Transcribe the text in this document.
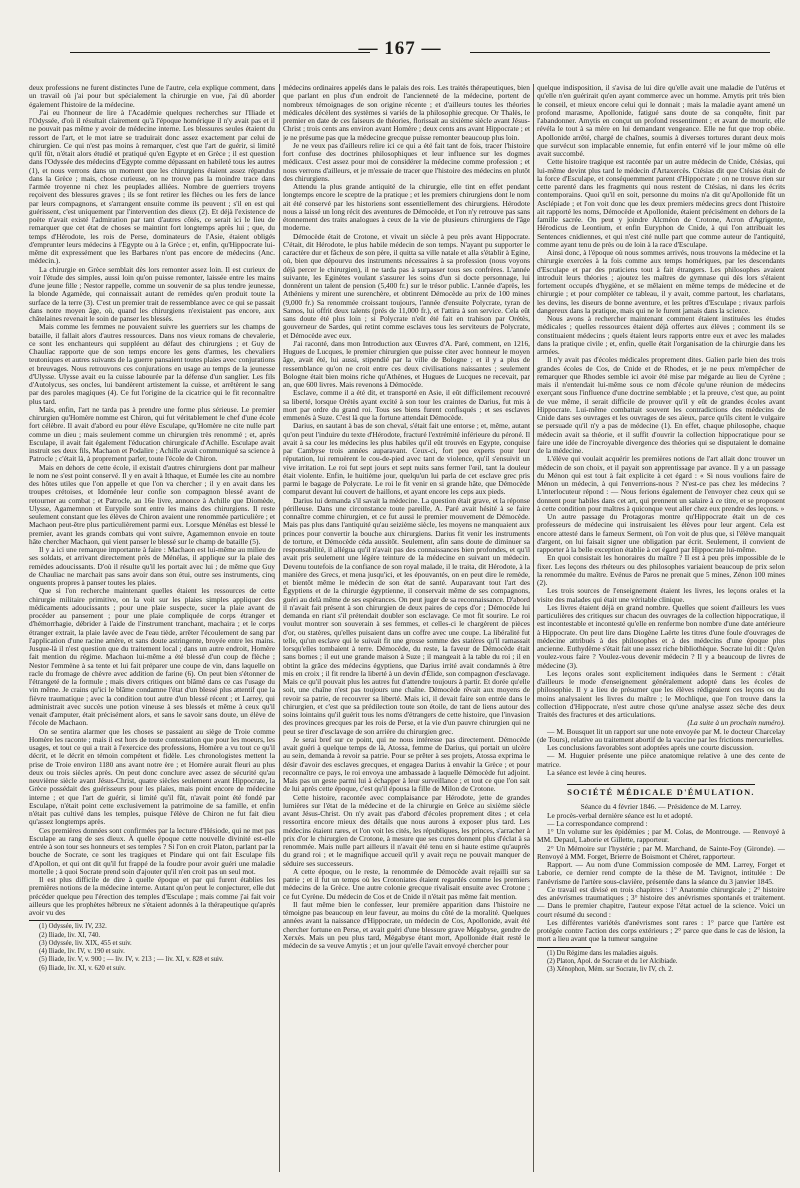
— 167 —

deux professions ne furent distinctes l'une de l'autre, cela explique comment, dans un travail où j'ai pour but spécialement la chirurgie en vue, j'ai dû aborder également l'histoire de la médecine.

J'ai eu l'honneur de lire à l'Académie quelques recherches sur l'Iliade et l'Odyssée, d'où il résultait clairement qu'à l'époque homérique il n'y avait pas et il ne pouvait pas même y avoir de médecine interne. Les blessures seules étaient du ressort de l'art, et le mot iatre se traduirait donc assez exactement par celui de chirurgien. Ce qui n'est pas moins à remarquer, c'est que l'art de guérir, si limité qu'il fût, n'était alors étudié et pratiqué qu'en Egypte et en Grèce ; il est question dans l'Odyssée des médecins d'Egypte comme dépassant en habileté tous les autres (1), et nous verrons dans un moment que les chirurgiens étaient assez répandus dans la Grèce ; mais, chose curieuse, on ne trouve pas la moindre trace dans l'armée troyenne ni chez les peuplades alliées. Nombre de guerriers troyens reçoivent des blessures graves ; ils se font retirer les flèches ou les fers de lance par leurs compagnons, et s'arrangent ensuite comme ils peuvent ; s'il en est qui guérissent, c'est uniquement par l'intervention des dieux (2). Et déjà l'existence de poète n'avait existé l'admiration par tant d'autres côtés, ce serait ici le lieu de remarquer que cet état de choses se maintint fort longtemps après lui ; que, du temps d'Hérodote, les rois de Perse, dominateurs de l'Asie, étaient obligés d'emprunter leurs médecins à l'Egypte ou à la Grèce ; et, enfin, qu'Hippocrate lui-même dit expressément que les Barbares n'ont pas encore de médecins (Anc. médecin.).

La chirurgie en Grèce semblait dès lors remonter assez loin. Il est curieux de voir l'étude des simples, aussi loin qu'on puisse remonter, laissée entre les mains d'une jeune fille ; Nestor rappelle, comme un souvenir de sa plus tendre jeunesse, la blonde Agamède, qui connaissait autant de remèdes qu'en produit toute la surface de la terre (3). C'est un premier trait de ressemblance avec ce qui se passait dans notre moyen âge, où, quand les chirurgiens n'existaient pas encore, aux châtelaines revenait le soin de panser les blessés.

Mais comme les femmes ne pouvaient suivre les guerriers sur les champs de bataille, il fallait alors d'autres ressources. Dans nos vieux romans de chevalerie, ce sont les enchanteurs qui suppléent au défaut des chirurgiens ; et Guy de Chauliac rapporte que de son temps encore les gens d'armes, les chevaliers teutoniques et autres suivants de la guerre pansaient toutes plaies avec conjurations et breuvages. Nous retrouvons ces conjurations en usage au temps de la jeunesse d'Ulysse. Ulysse avait eu la cuisse labourée par la défense d'un sanglier. Les fils d'Autolycus, ses oncles, lui bandèrent artistement la cuisse, et arrêtèrent le sang par des paroles magiques (4). Ce fut l'origine de la cicatrice qui le fit reconnaître plus tard.

Mais, enfin, l'art ne tarda pas à prendre une forme plus sérieuse. Le premier chirurgien qu'Homère nomme est Chiron, qui fut véritablement le chef d'une école fort célèbre. Il avait d'abord eu pour élève Esculape, qu'Homère ne cite nulle part comme un dieu ; mais seulement comme un chirurgien très renommé ; et, après Esculape, il avait fait également l'éducation chirurgicale d'Achille. Esculape avait instruit ses deux fils, Machaon et Podalire ; Achille avait communiqué sa science à Patrocle ; c'était là, à proprement parler, toute l'école de Chiron.

Mais en dehors de cette école, il existait d'autres chirurgiens dont par malheur le nom ne s'est point conservé. Il y en avait à Ithaque, et Eumée les cite au nombre des hôtes utiles que l'on appelle et que l'on va chercher ; il y en avait dans les troupes crétoises, et Idoménée leur confie son compagnon blessé avant de retourner au combat ; et Patrocle, au 16e livre, annonce à Achille que Diomède, Ulysse, Agamemnon et Eurypile sont entre les mains des chirurgiens. Il reste seulement constant que les élèves de Chiron avaient une renommée particulière ; et Machaon peut-être plus particulièrement parmi eux. Lorsque Ménélas est blessé le premier, avant les grands combats qui vont suivre, Agamemnon envoie en toute hâte chercher Machaon, qui vient panser le blessé sur le champ de bataille (5).

Il y a ici une remarque importante à faire : Machaon est lui-même au milieu de ses soldats, et arrivant directement près de Ménélas, il applique sur la plaie des remèdes adoucissants. D'où il résulte qu'il les portait avec lui ; de même que Guy de Chauliac ne marchait pas sans avoir dans son étui, outre ses instruments, cinq onguents propres à panser toutes les plaies.

Que si l'on recherche maintenant quelles étaient les ressources de cette chirurgie militaire primitive, on la voit sur les plaies simples appliquer des médicaments adoucissants ; pour une plaie suspecte, sucer la plaie avant de procéder au pansement ; pour une plaie compliquée de corps étranger et d'hémorrhagie, débrider à l'aide de l'instrument tranchant, machaira ; et le corps étranger extrait, la plaie lavée avec de l'eau tiède, arrêter l'écoulement de sang par l'application d'une racine amère, et sans doute astringente, broyée entre les mains. Jusque-là il n'est question que du traitement local ; dans un autre endroit, Homère fait mention du régime. Machaon lui-même a été blessé d'un coup de flèche ; Nestor l'emmène à sa tente et lui fait préparer une coupe de vin, dans laquelle on racle du fromage de chèvre avec addition de farine (6). On peut bien s'étonner de l'étrangeté de la formule ; mais divers critiques ont blâmé dans ce cas l'usage du vin même. Je crains qu'ici le blâme condamne l'état d'un blessé plus attentif que la fièvre traumatique ; avec la condition tout autre d'un blessé récent ; et Larrey, qui administrait avec succès une potion vineuse à ses blessés et même à ceux qu'il venait d'amputer, était précisément alors, et sans le savoir sans doute, un élève de l'école de Machaon.

On se sentira alarmer que les choses se passaient au siège de Troie comme Homère les raconte ; mais il est hors de toute contestation que pour les moeurs, les usages, et tout ce qui a trait à l'exercice des professions, Homère a vu tout ce qu'il décrit, et le décrit en témoin compétent et fidèle. Les chronologistes mettent la prise de Troie environ 1180 ans avant notre ère ; et Homère aurait fleuri au plus deux ou trois siècles après. On peut donc conclure avec assez de sécurité qu'au neuvième siècle avant Jésus-Christ, quatre siècles seulement avant Hippocrate, la Grèce possédait des guérisseurs pour les plaies, mais point encore de médecine interne ; et que l'art de guérir, si limité qu'il fût, n'avait point été fondé par Esculape, n'était point cette exclusivement la patrimoine de sa famille, et enfin n'était pas cultivé dans les temples, puisque l'élève de Chiron ne fut fait dieu qu'assez longtemps après.

Ces premières données sont confirmées par la lecture d'Hésiode, qui ne met pas Esculape au rang de ses dieux. À quelle époque cette nouvelle divinité est-elle entrée à son tour ses honneurs et ses temples ? Si l'on en croit Platon, parlant par la bouche de Socrate, ce sont les tragiques et Pindare qui ont fait Esculape fils d'Apollon, et qui ont dit qu'il fut frappé de la foudre pour avoir guéri une maladie mortelle ; à quoi Socrate prend soin d'ajouter qu'il n'en croit pas un seul mot.

Il est plus difficile de dire à quelle époque et par qui furent établies les premières notions de la médecine interne. Autant qu'on peut le conjecturer, elle dut précéder quelque peu l'érection des temples d'Esculape ; mais comme j'ai fait voir ailleurs que les prophètes hébreux ne s'étaient adonnés à la thérapeutique qu'après avoir vu des

(1) Odyssée, liv. IV, 232.

(2) Iliade, liv. XI, 740.

(3) Odyssée, liv. XIX, 455 et suiv.

(4) Iliade, liv. IV, v. 190 et suiv.

(5) Iliade, liv. V, v. 900 ; — liv. IV, v. 213 ; — liv. XI, v. 828 et suiv.

(6) Iliade, liv. XI, v. 620 et suiv.

médecins ordinaires appelés dans le palais des rois. Les traités thérapeutiques, bien que parlant en plus d'un endroit de l'ancienneté de la médecine, portent de nombreux témoignages de son origine récente ; et d'ailleurs toutes les théories médicales décèlent des systèmes si variés de la philosophie grecque. Or Thalès, le premier en date de ces faiseurs de théories, florissait au sixième siècle avant Jésus-Christ ; trois cents ans environ avant Homère ; deux cents ans avant Hippocrate ; et je ne présume pas que la médecine grecque puisse remonter beaucoup plus loin.

Je ne veux pas d'ailleurs relire ici ce qui a été fait tant de fois, tracer l'histoire fort confuse des doctrines philosophiques et leur influence sur les dogmes médicaux. C'est assez pour moi de considérer la médecine comme profession ; et nous verrons d'ailleurs, et je m'essaie de tracer que l'histoire des médecins en plutôt des chirurgiens.

Attendu la plus grande antiquité de la chirurgie, elle tint en effet pendant longtemps encore le sceptre de la pratique ; et les premiers chirurgiens dont le nom ait été conservé par les historiens sont essentiellement des chirurgiens. Hérodote nous a laissé un long récit des aventures de Démocède, et l'on n'y retrouve pas sans étonnement des traits analogues à ceux de la vie de plusieurs chirurgiens de l'âge moderne.

Démocède était de Crotone, et vivait un siècle à peu près avant Hippocrate. C'était, dit Hérodote, le plus habile médecin de son temps. N'ayant pu supporter le caractère dur et fâcheux de son père, il quitta sa ville natale et alla s'établir à Egine, où, bien que dépourvu des instruments nécessaires à sa profession (nous voyons déjà percer le chirurgien), il ne tarda pas à surpasser tous ses confrères. L'année suivante, les Eginètes voulant s'assurer les soins d'un si docte personnage, lui donnèrent un talent de pension (5,400 fr.) sur le trésor public. L'année d'après, les Athéniens y mirent une surenchère, et obtinrent Démocède au prix de 100 mines (9,000 fr.) Sa renommée croissant toujours, l'année d'ensuite Polycrate, tyran de Samos, lui offrit deux talents (prés de 11,000 fr.), et l'attira à son service. Cela eût sans doute été plus loin ; si Polycrate n'eût été fait en trahison par Orétès, gouverneur de Sardes, qui retint comme esclaves tous les serviteurs de Polycrate, et Démocède avec eux.

J'ai raconté, dans mon Introduction aux Œuvres d'A. Paré, comment, en 1216, Hugues de Lucques, le premier chirurgien que puisse citer avec honneur le moyen âge, avait été, lui aussi, stipendié par la ville de Bologne ; et il y a plus de ressemblance qu'on ne croit entre ces deux civilisations naissantes ; seulement Bologne était bien moins riche qu'Athènes, et Hugues de Lucques ne recevait, par an, que 600 livres. Mais revenons à Démocède.

Esclave, comme il a été dit, et transporté en Asie, il eût difficilement recouvré sa liberté, lorsque Orétès ayant excité à son tour les craintes de Darius, fut mis à mort par ordre du grand roi. Tous ses biens furent confisqués ; et ses esclaves emmenés à Suze. C'est là que la fortune attendait Démocède.

Darius, en sautant à bas de son cheval, s'était fait une entorse ; et, même, autant qu'on peut l'induire du texte d'Hérodote, fracturé l'extrémité inférieure du péroné. Il avait à sa cour les médecins les plus habiles qu'il eût trouvés en Egypte, conquise par Cambyse trois années auparavant. Ceux-ci, fort peu experts pour leur réputation, lui remuèrent le cou-de-pied avec tant de violence, qu'il s'ensuivit un vive irritation. Le roi fut sept jours et sept nuits sans fermer l'œil, tant la douleur était violente. Enfin, le huitième jour, quelqu'un lui parla de cet esclave grec pris parmi le bagage de Polycrate. Le roi le fit venir en si grande hâte, que Démocède comparut devant lui couvert de haillons, et ayant encore les ceps aux pieds.

Darius lui demanda s'il savait la médecine. La question était grave, et la réponse périlleuse. Dans une circonstance toute pareille, A. Paré avait hésité à se faire connaître comme chirurgien, et ce fut aussi le premier mouvement de Démocède. Mais pas plus dans l'antiquité qu'au seizième siècle, les moyens ne manquaient aux princes pour convertir la bouche aux chirurgiens. Darius fit venir les instruments de torture, et Démocède céda aussitôt. Seulement, afin sans doute de diminuer sa responsabilité, il allégua qu'il n'avait pas des connaissances bien profondes, et qu'il avait pris seulement une légère teinture de la médecine en suivant un médecin. Devenu toutefois de la confiance de son royal malade, il le traita, dit Hérodote, à la manière des Grecs, et mena jusqu'ici, et les épouvantés, on en peut dire le remède, et bientôt même le médecin de son état de santé. Auparavant tout l'art des Égyptiens et de la chirurgie égyptienne, il conservait même de ses compagnons, guéri au delà même de ses espérances. On peut juger de sa reconnaissance. D'abord il n'avait fait présent à son chirurgien de deux paires de ceps d'or ; Démocède lui demanda en riant s'il prétendait doubler son esclavage. Ce mot fit sourire. Le roi voulut montrer son souverain à ses femmes, et celles-ci le chargèrent de pièces d'or, ou statères, qu'elles puisaient dans un coffre avec une coupe. La libéralité fut telle, qu'un esclave qui le suivait fit une grosse somme des statères qu'il ramassait lorsqu'elles tombaient à terre. Démocède, du reste, la faveur de Démocède était sans bornes ; il eut une grande maison à Suze ; il mangeait à la table du roi ; il en obtint la grâce des médecins égyptiens, que Darius irrité avait condamnés à être mis en croix ; il fit rendre la liberté à un devin d'Élide, son compagnon d'esclavage. Mais ce qu'il pouvait plus les autres fut d'attendre toujours à partir. Et dorée qu'elle soit, une chaîne n'est pas toujours une chaîne. Démocède rêvait aux moyens de revoir sa patrie, de recouvrer sa liberté. Mais ici, il devait faire son entrée dans le chirurgien, et c'est que sa prédilection toute son étoile, de tant de liens autour des soins lointains qu'il guérit tous les noms d'étrangers de cette histoire, que l'invasion des provinces grecques par les rois de Perse, et la vie d'un pauvre chirurgien qui ne peut se tirer d'esclavage de son arrière du chirurgien grec.

Je serai bref sur ce point, qui ne nous intéresse pas directement. Démocède avait guéri à quelque temps de là, Atossa, femme de Darius, qui portait un ulcère au sein, demanda à revoir sa patrie. Pour se prêter à ses projets, Atossa exprima le désir d'avoir des esclaves grecques, et engagea Darius à envahir la Grèce ; et pour reconnaître ce pays, le roi envoya une ambassade à laquelle Démocède fut adjoint. Mais pas un geste parmi lui à échapper à leur surveillance ; et tout ce que l'on sait de lui après cette époque, c'est qu'il épousa la fille de Milon de Crotone.

Cette histoire, racontée avec complaisance par Hérodote, jette de grandes lumières sur l'état de la médecine et de la chirurgie en Grèce au sixième siècle avant Jésus-Christ. On n'y avait pas d'abord d'écoles proprement dites ; et cela ressortira encore mieux des détails que nous aurons à exposer plus tard. Les médecins étaient rares, et l'on voit les cités, les républiques, les princes, s'arracher à prix d'or le chirurgien de Crotone, à mesure que ses cures donnent plus d'éclat à sa renommée. Mais nulle part ailleurs il n'avait été tenu en si haute estime qu'auprès du grand roi ; et le magnifique accueil qu'il y avait reçu ne pouvait manquer de séduire ses successeurs.

A cette époque, ou le reste, la renommée de Démocède avait rejailli sur sa patrie ; et il fut un temps où les Crotoniates étaient regardés comme les premiers médecins de la Grèce. Une autre colonie grecque rivalisait ensuite avec Crotone ; ce fut Cyrène. Du médecin de Cos et de Cnide il n'était pas même fait mention.

Il faut même bien le confesser, leur première apparition dans l'histoire ne témoigne pas beaucoup en leur faveur, au moins du côté de la moralité. Quelques années avant la naissance d'Hippocrate, un médecin de Cos, Apollonide, avait été chercher fortune en Perse, et avait guéri d'une blessure grave Mégabyse, gendre de Xerxès. Mais un peu plus tard, Mégabyse étant mort, Apollonide était resté le médecin de sa veuve Amytis ; et un jour qu'elle l'avait envoyé chercher pour

quelque indisposition, il s'avisa de lui dire qu'elle avait une maladie de l'utérus et qu'elle n'en guérirait qu'en ayant commerce avec un homme. Amytis prit très bien le conseil, et mieux encore celui qui le donnait ; mais la maladie ayant amené un profond marasme, Apollonide, fatigué sans doute de sa conquête, finit par l'abandonner. Amytis en conçut un profond ressentiment ; et avant de mourir, elle révéla le tout à sa mère en lui demandant vengeance. Elle ne fut que trop obéie. Apollonide arrêté, chargé de chaînes, soumis à diverses tortures durant deux mois que survécut son implacable ennemie, fut enfin enterré vif le jour même où elle avait succombé.

Cette histoire tragique est racontée par un autre médecin de Cnide, Ctésias, qui lui-même devint plus tard le médecin d'Artaxercès. Ctésias dit que Ctésias était de la force d'Esculape, et conséquemment parent d'Hippocrate ; on ne trouve rien sur cette parenté dans les fragments qui nous restent de Ctésias, ni dans les écrits contemporains. Quoi qu'il en soit, personne du moins n'a dit qu'Apollonide fût un Asclépiade ; et l'on voit donc que les deux premiers médecins grecs dont l'histoire ait rapporté les noms, Démocède et Apollonide, étaient précisément en dehors de la famille sacrée. On peut y joindre Alcméon de Crotone, Acron d'Agrigente, Hérodicus de Leontium, et enfin Euryphon de Cnide, à qui l'on attribuait les Sentences cnidiennes, et qui n'est cité nulle part que comme auteur de l'antiquité, comme ayant tenu de près ou de loin à la race d'Esculape.

Ainsi donc, à l'époque où nous sommes arrivés, nous trouvons la médecine et la chirurgie exercées à la fois comme aux temps homériques, par les descendants d'Esculape et par des praticiens tout à fait étrangers. Les philosophes avaient introduit leurs théories ; ajoutez les maîtres de gymnase qui dès lors s'étaient fortement occupés d'hygiène, et se mêlaient en même temps de médecine et de chirurgie ; et pour compléter ce tableau, il y avait, comme partout, les charlatans, les devins, les diseurs de bonne aventure, et les prêtres d'Esculape ; rivaux parfois dangereux dans la pratique, mais qui ne le furent jamais dans la science.

Nous avons à rechercher maintenant comment étaient instituées les études médicales ; quelles ressources étaient déjà offertes aux élèves ; comment ils se constituaient médecins ; quels étaient leurs rapports entre eux et avec les malades dans la pratique civile ; et, enfin, quelle était l'organisation de la chirurgie dans les armées.

Il n'y avait pas d'écoles médicales proprement dites. Galien parle bien des trois grandes écoles de Cos, de Cnide et de Rhodes, et je ne peux m'empêcher de remarquer que Rhodes semble ici avoir été mise par mégarde au lieu de Cyrène ; mais il n'entendait lui-même sous ce nom d'école qu'une réunion de médecins exerçant sous l'influence d'une doctrine semblable ; et la preuve, c'est que, au point de vue même, il serait difficile de prouver qu'il y eût de grandes écoles avant Hippocrate. Lui-même combattait souvent les contradictions des médecins de Cnide dans ses ouvrages et les ouvrages de ses aïeux, parce qu'ils citent le vulgaire se persuade qu'il n'y a pas de médecine (1). En effet, chaque philosophe, chaque médecin avait sa théorie, et il suffit d'ouvrir la collection hippocratique pour se faire une idée de l'incroyable divergence des théories qui se disputaient le domaine de la médecine.

L'élève qui voulait acquérir les premières notions de l'art allait donc trouver un médecin de son choix, et il payait son apprentissage par avance. Il y a un passage du Ménon qui est tout à fait explicite à cet égard : « Si nous voulions faire de Ménon un médecin, à qui l'enverrions-nous ? N'est-ce pas chez les médecins ? L'interlocuteur répond : — Nous ferions également de l'envoyer chez ceux qui se donnent pour habiles dans cet art, qui prennent un salaire à ce titre, et se proposent à cette condition pour maîtres à quiconque veut aller chez eux prendre des leçons. »

Un autre passage du Protagoras montre qu'Hippocrate était un de ces professeurs de médecine qui instruisaient les élèves pour leur argent. Cela est encore attesté dans le fameux Serment, où l'on voit de plus que, si l'élève manquait d'argent, on lui faisait signer une obligation par écrit. Seulement, il convient de rapporter à la belle exception établie à cet égard par Hippocrate lui-même.

En quoi consistait les honoraires du maître ? Il est à peu près impossible de le fixer. Les leçons des rhéteurs ou des philosophes variaient beaucoup de prix selon la renommée du maître. Evénus de Paros ne prenait que 5 mines, Zénon 100 mines (2).

Les trois sources de l'enseignement étaient les livres, les leçons orales et la visite des malades qui était une véritable clinique.

Les livres étaient déjà en grand nombre. Quelles que soient d'ailleurs les vues particulières des critiques sur chacun des ouvrages de la collection hippocratique, il est incontestable et incontesté qu'elle en renferme bon nombre d'une date antérieure à Hippocrate. On peut lire dans Diogène Laërte les titres d'une foule d'ouvrages de médecine attribués à des philosophes et à des médecins d'une époque plus ancienne. Euthydème s'était fait une assez riche bibliothèque. Socrate lui dit : Qu'en voulez-vous faire ? Voulez-vous devenir médecin ? Il y a beaucoup de livres de médecine (3).

Les leçons orales sont explicitement indiquées dans le Serment : c'était d'ailleurs le mode d'enseignement généralement adopté dans les écoles de philosophie. Il y a lieu de présumer que les élèves rédigeaient ces leçons ou du moins analysaient les livres du maître ; le Mochlique, que l'on trouve dans la collection d'Hippocrate, n'est autre chose qu'une analyse assez sèche des deux Traités des fractures et des articulations.

(La suite à un prochain numéro).

— M. Bousquet lit un rapport sur une note envoyée par M. le docteur Charcelay (de Tours), relative au traitement abortif de la vaccine par les frictions mercurielles.

Les conclusions favorables sont adoptées après une courte discussion.

— M. Huguier présente une pièce anatomique relative à une des cente de matrice.

La séance est levée à cinq heures.

SOCIÉTÉ MÉDICALE D'ÉMULATION.

Séance du 4 février 1846. — Présidence de M. Larrey.

Le procès-verbal dernière séance est lu et adopté.

— La correspondance comprend :

1° Un volume sur les épidémies ; par M. Colas, de Montrouge. — Renvoyé à MM. Depaul, Laborie et Gillette, rapporteur.

2° Un Mémoire sur l'hystérie ; par M. Marchand, de Sainte-Foy (Gironde). — Renvoyé à MM. Forget, Brierre de Boismont et Chéret, rapporteur.

Rapport. — Au nom d'une Commission composée de MM. Larrey, Forget et Laborie, ce dernier rend compte de la thèse de M. Tavignot, intitulée : De l'anévrisme de l'artère sous-clavière, présentée dans la séance du 3 janvier 1845.

Ce travail est divisé en trois chapitres : 1° Anatomie chirurgicale ; 2° histoire des anévrismes traumatiques ; 3° histoire des anévrismes spontanés et traitement. — Dans le premier chapitre, l'auteur expose l'état actuel de la science. Voici un court résumé du second :

Les différentes variétés d'anévrismes sont rares : 1° parce que l'artère est protégée contre l'action des corps extérieurs ; 2° parce que dans le cas de lésion, la mort a lieu avant que la tumeur sanguine

(1) Du Régime dans les maladies aiguës.

(2) Platon, Apol. de Socrate et du 1er Alcibiade.

(3) Xénophon, Mém. sur Socrate, liv IV, ch. 2.
